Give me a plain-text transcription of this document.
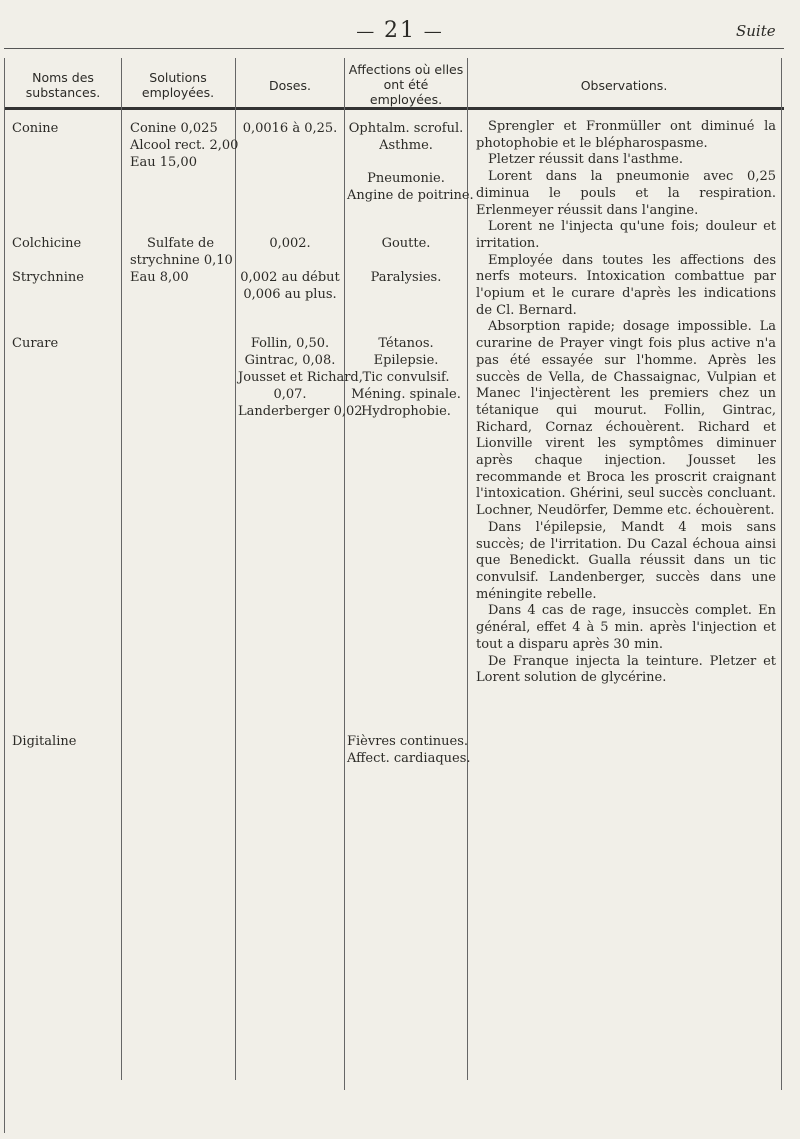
— 21 —	Suite
Noms des substances.
Solutions employées.	Doses.
Affections où elles ont été employées.
Observations.
Conine
Colchicine
Strychnine
Curare
Digitaline
Conine 0,025
Alcool rect. 2,00
Eau 15,00
Sulfate de
strychnine 0,10
Eau 8,00
0,0016 à 0,25.
0,002.
0,002 au début
0,006 au plus.
Follin, 0,50.
Gintrac, 0,08.
Jousset et Richard,
0,07.
Landerberger 0,02
Ophtalm. scroful.
Asthme.
Pneumonie.
Angine de poitrine.
Goutte.
Paralysies.
Tétanos.
Epilepsie.
Tic convulsif.
Méning. spinale.
Hydrophobie.
Fièvres continues.
Affect. cardiaques.

Sprengler et Fronmüller ont diminué la photophobie et le blépharospasme.

Pletzer réussit dans l'asthme.

Lorent dans la pneumonie avec 0,25 diminua le pouls et la respiration. Erlenmeyer réussit dans l'angine.

Lorent ne l'injecta qu'une fois; douleur et irritation.

Employée dans toutes les affections des nerfs moteurs. Intoxication combattue par l'opium et le curare d'après les indications de Cl. Bernard.

Absorption rapide; dosage impossible. La curarine de Prayer vingt fois plus active n'a pas été essayée sur l'homme. Après les succès de Vella, de Chassaignac, Vulpian et Manec l'injectèrent les premiers chez un tétanique qui mourut. Follin, Gintrac, Richard, Cornaz échouèrent. Richard et Lionville virent les symptômes diminuer après chaque injection. Jousset les recommande et Broca les proscrit craignant l'intoxication. Ghérini, seul succès concluant. Lochner, Neudörfer, Demme etc. échouèrent.

Dans l'épilepsie, Mandt 4 mois sans succès; de l'irritation. Du Cazal échoua ainsi que Benedickt. Gualla réussit dans un tic convulsif. Landenberger, succès dans une méningite rebelle.

Dans 4 cas de rage, insuccès complet. En général, effet 4 à 5 min. après l'injection et tout a disparu après 30 min.

De Franque injecta la teinture. Pletzer et Lorent solution de glycérine.
